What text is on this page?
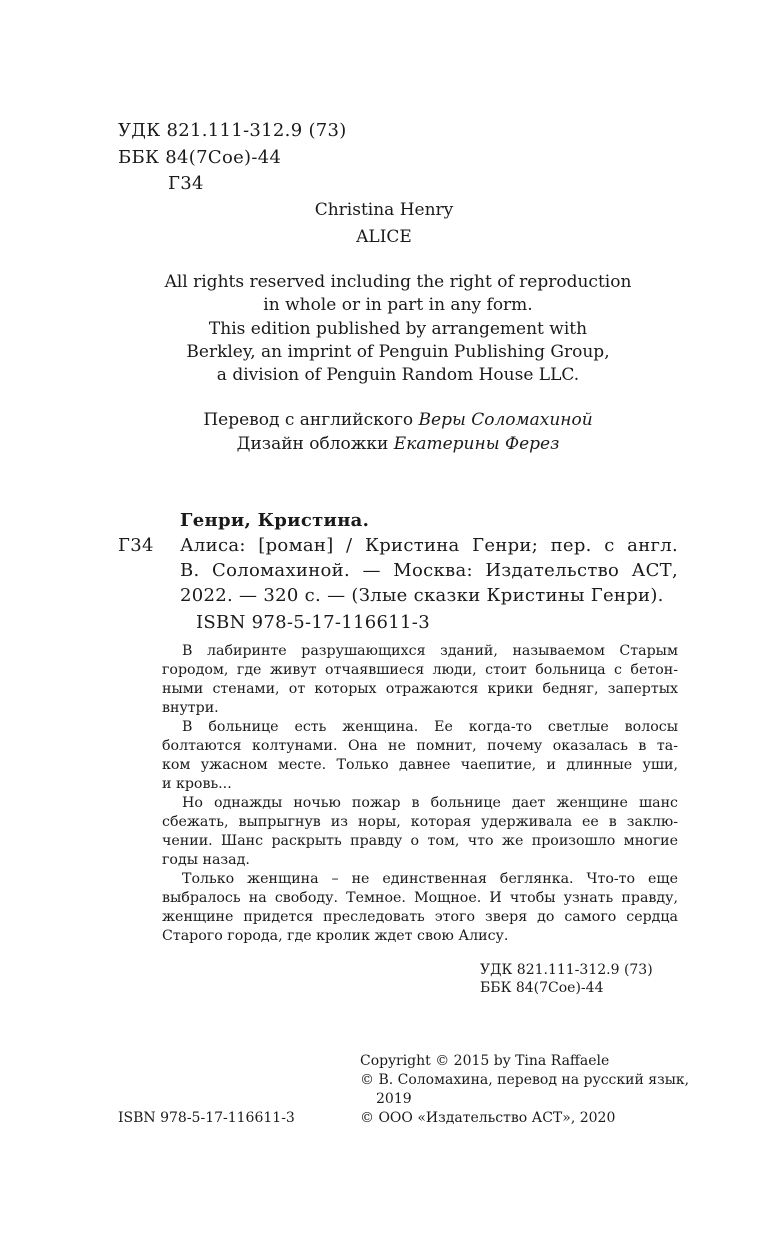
УДК 821.111-312.9 (73)
ББК 84(7Сое)-44
Г34
Christina Henry
ALICE
All rights reserved including the right of reproduction
in whole or in part in any form.
This edition published by arrangement with
Berkley, an imprint of Penguin Publishing Group,
a division of Penguin Random House LLC.
Перевод с английского Веры Соломахиной
Дизайн обложки Екатерины Ферез
Генри, Кристина.
Г34 Алиса: [роман] / Кристина Генри; пер. с англ.
В. Соломахиной. — Москва: Издательство АСТ,
2022. — 320 с. — (Злые сказки Кристины Генри).
ISBN 978-5-17-116611-3
В лабиринте разрушающихся зданий, называемом Старым
городом, где живут отчаявшиеся люди, стоит больница с бетон-
ными стенами, от которых отражаются крики бедняг, запертых
внутри.
В больнице есть женщина. Ее когда-то светлые волосы
болтаются колтунами. Она не помнит, почему оказалась в та-
ком ужасном месте. Только давнее чаепитие, и длинные уши,
и кровь...
Но однажды ночью пожар в больнице дает женщине шанс
сбежать, выпрыгнув из норы, которая удерживала ее в заклю-
чении. Шанс раскрыть правду о том, что же произошло многие
годы назад.
Только женщина – не единственная беглянка. Что-то еще
выбралось на свободу. Темное. Мощное. И чтобы узнать правду,
женщине придется преследовать этого зверя до самого сердца
Старого города, где кролик ждет свою Алису.
УДК 821.111-312.9 (73)
ББК 84(7Сое)-44
Copyright © 2015 by Tina Raffaele
© В. Соломахина, перевод на русский язык,
2019
© ООО «Издательство АСТ», 2020
ISBN 978-5-17-116611-3
